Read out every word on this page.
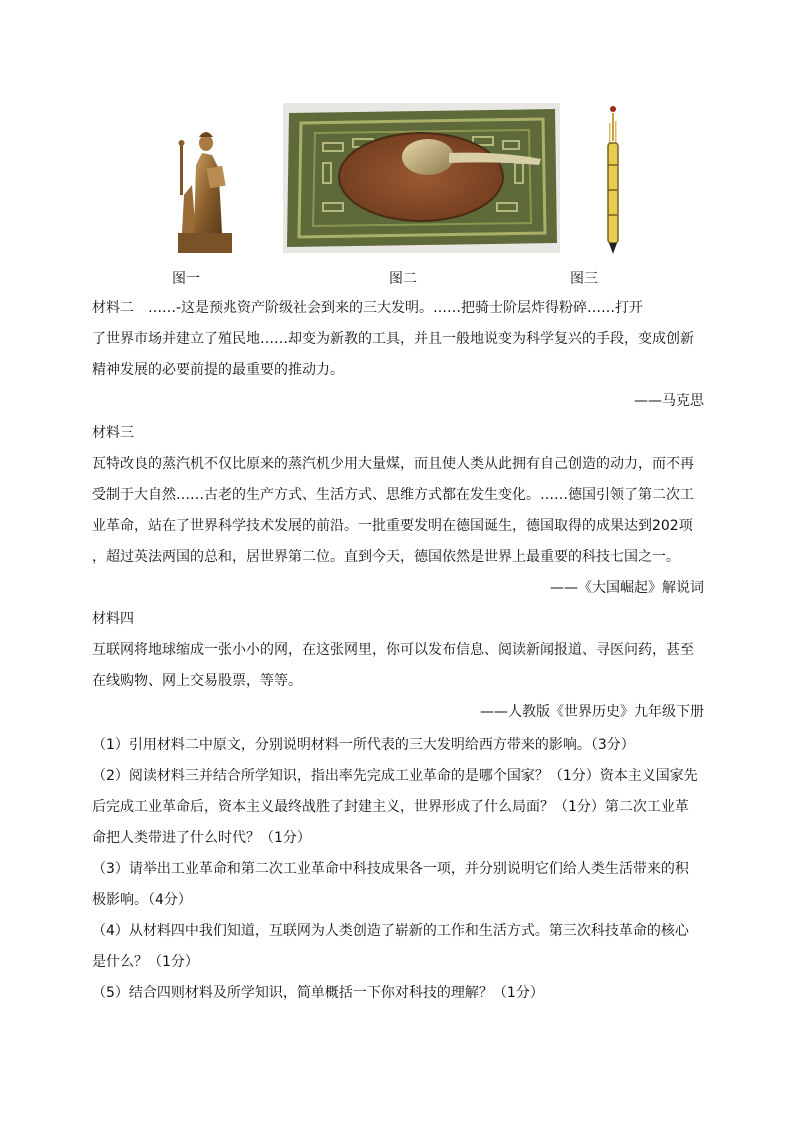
图一	图二	图三
材料二　……‐这是预兆资产阶级社会到来的三大发明。……把骑士阶层炸得粉碎……打开
了世界市场并建立了殖民地……却变为新教的工具，并且一般地说变为科学复兴的手段，变成创新
精神发展的必要前提的最重要的推动力。
——马克思
材料三
瓦特改良的蒸汽机不仅比原来的蒸汽机少用大量煤，而且使人类从此拥有自己创造的动力，而不再
受制于大自然……古老的生产方式、生活方式、思维方式都在发生变化。……德国引领了第二次工
业革命，站在了世界科学技术发展的前沿。一批重要发明在德国诞生，德国取得的成果达到202项
，超过英法两国的总和，居世界第二位。直到今天，德国依然是世界上最重要的科技七国之一。
——《大国崛起》解说词
材料四
互联网将地球缩成一张小小的网，在这张网里，你可以发布信息、阅读新闻报道、寻医问药，甚至
在线购物、网上交易股票，等等。
——人教版《世界历史》九年级下册
（1）引用材料二中原文，分别说明材料一所代表的三大发明给西方带来的影响。（3分）
（2）阅读材料三并结合所学知识，指出率先完成工业革命的是哪个国家？（1分）资本主义国家先
后完成工业革命后，资本主义最终战胜了封建主义，世界形成了什么局面？（1分）第二次工业革
命把人类带进了什么时代？（1分）
（3）请举出工业革命和第二次工业革命中科技成果各一项，并分别说明它们给人类生活带来的积
极影响。（4分）
（4）从材料四中我们知道，互联网为人类创造了崭新的工作和生活方式。第三次科技革命的核心
是什么？（1分）
（5）结合四则材料及所学知识，简单概括一下你对科技的理解？（1分）
